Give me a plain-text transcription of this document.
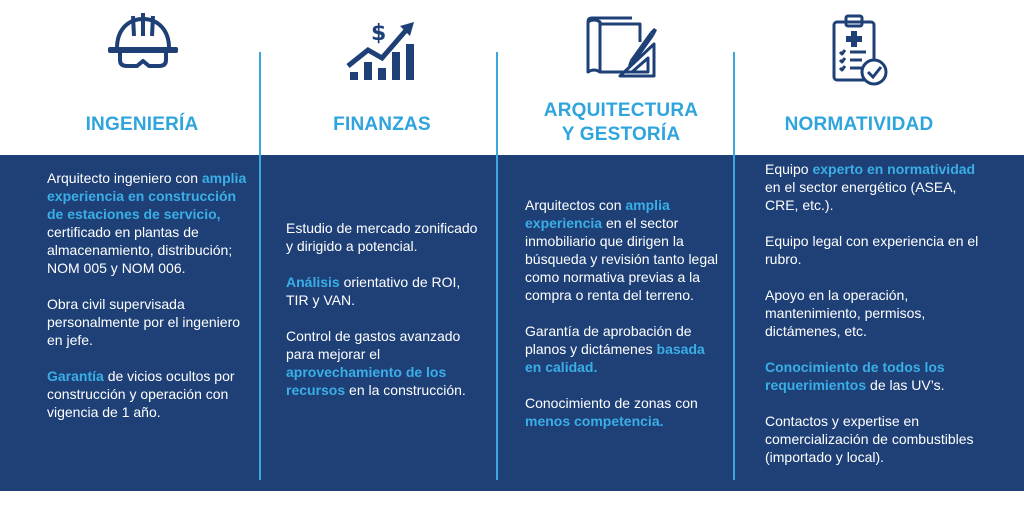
$
INGENIERÍA	FINANZAS
ARQUITECTURA Y GESTORÍA	NORMATIVIDAD

Arquitecto ingeniero con amplia experiencia en construcción de estaciones de servicio, certificado en plantas de almacenamiento, distribución; NOM 005 y NOM 006.

Obra civil supervisada personalmente por el ingeniero en jefe.

Garantía de vicios ocultos por construcción y operación con vigencia de 1 año.

Estudio de mercado zonificado y dirigido a potencial.

Análisis orientativo de ROI, TIR y VAN.

Control de gastos avanzado para mejorar el aprovechamiento de los recursos en la construcción.

Arquitectos con amplia experiencia en el sector inmobiliario que dirigen la búsqueda y revisión tanto legal como normativa previas a la compra o renta del terreno.

Garantía de aprobación de planos y dictámenes basada en calidad.

Conocimiento de zonas con menos competencia.

Equipo experto en normatividad en el sector energético (ASEA, CRE, etc.).

Equipo legal con experiencia en el rubro.

Apoyo en la operación, mantenimiento, permisos, dictámenes, etc.

Conocimiento de todos los requerimientos de las UV’s.

Contactos y expertise en comercialización de combustibles (importado y local).
